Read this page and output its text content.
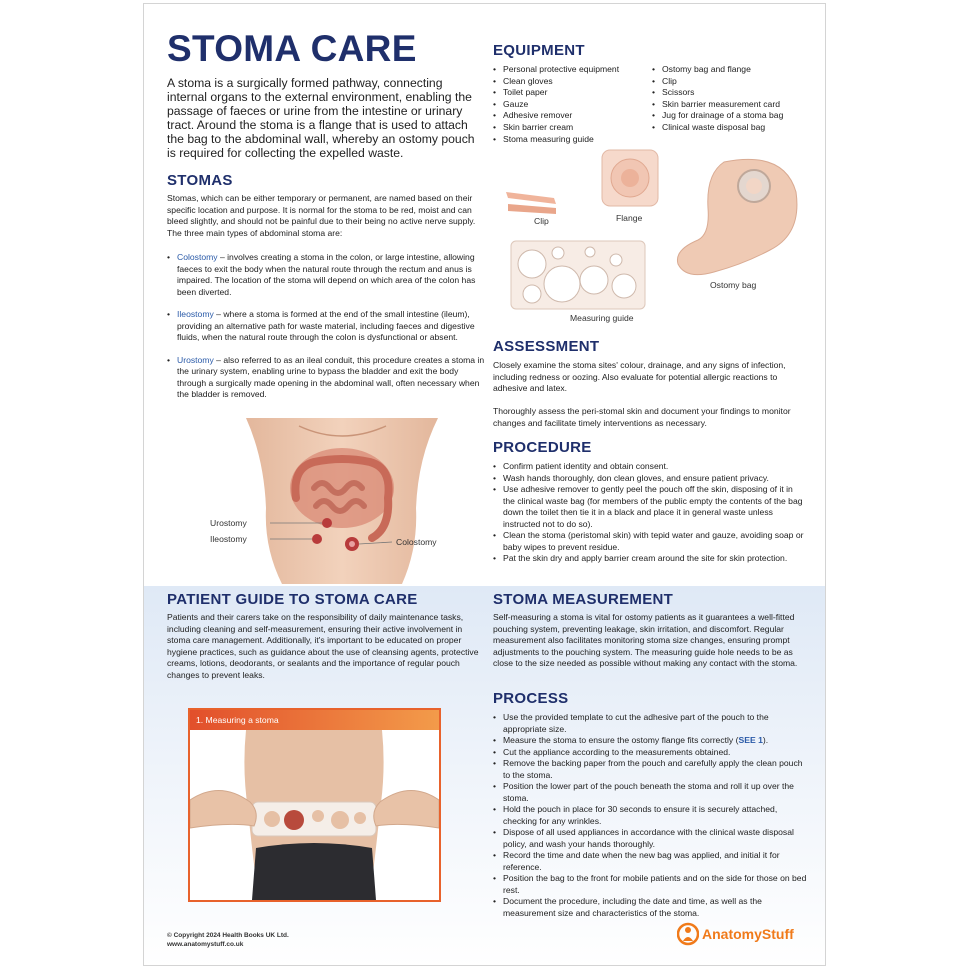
STOMA CARE
A stoma is a surgically formed pathway, connecting internal organs to the external environment, enabling the passage of faeces or urine from the intestine or urinary tract. Around the stoma is a flange that is used to attach the bag to the abdominal wall, whereby an ostomy pouch is required for collecting the expelled waste.
STOMAS
Stomas, which can be either temporary or permanent, are named based on their specific location and purpose. It is normal for the stoma to be red, moist and can bleed slightly, and should not be painful due to their being no active nerve supply. The three main types of abdominal stoma are:
• Colostomy – involves creating a stoma in the colon, or large intestine, allowing faeces to exit the body when the natural route through the rectum and anus is impaired. The location of the stoma will depend on which area of the colon has been diverted.
• Ileostomy – where a stoma is formed at the end of the small intestine (ileum), providing an alternative path for waste material, including faeces and digestive fluids, when the natural route through the colon is dysfunctional or absent.
• Urostomy – also referred to as an ileal conduit, this procedure creates a stoma in the urinary system, enabling urine to bypass the bladder and exit the body through a surgically made opening in the abdominal wall, often necessary when the bladder is removed.
Urostomy
Ileostomy	Colostomy
EQUIPMENT
• Personal protective equipment
• Clean gloves
• Toilet paper
• Gauze
• Adhesive remover
• Skin barrier cream
• Stoma measuring guide
• Ostomy bag and flange
• Clip
• Scissors
• Skin barrier measurement card
• Jug for drainage of a stoma bag
• Clinical waste disposal bag
Clip	Flange
Ostomy bag
Measuring guide
ASSESSMENT
Closely examine the stoma sites' colour, drainage, and any signs of infection, including redness or oozing. Also evaluate for potential allergic reactions to adhesive and latex.
Thoroughly assess the peri-stomal skin and document your findings to monitor changes and facilitate timely interventions as necessary.
PROCEDURE
• Confirm patient identity and obtain consent.
• Wash hands thoroughly, don clean gloves, and ensure patient privacy.
• Use adhesive remover to gently peel the pouch off the skin, disposing of it in the clinical waste bag (for members of the public empty the contents of the bag down the toilet then tie it in a black and place it in general waste unless instructed not to do so).
• Clean the stoma (peristomal skin) with tepid water and gauze, avoiding soap or baby wipes to prevent residue.
• Pat the skin dry and apply barrier cream around the site for skin protection.
PATIENT GUIDE TO STOMA CARE
Patients and their carers take on the responsibility of daily maintenance tasks, including cleaning and self-measurement, ensuring their active involvement in stoma care management. Additionally, it's important to be educated on proper hygiene practices, such as guidance about the use of cleansing agents, protective creams, lotions, deodorants, or sealants and the importance of regular pouch changes to prevent leaks.
1. Measuring a stoma
STOMA MEASUREMENT
Self-measuring a stoma is vital for ostomy patients as it guarantees a well-fitted pouching system, preventing leakage, skin irritation, and discomfort. Regular measurement also facilitates monitoring stoma size changes, ensuring prompt adjustments to the pouching system. The measuring guide hole needs to be as close to the size needed as possible without making any contact with the stoma.
PROCESS
• Use the provided template to cut the adhesive part of the pouch to the appropriate size.
• Measure the stoma to ensure the ostomy flange fits correctly (SEE 1).
• Cut the appliance according to the measurements obtained.
• Remove the backing paper from the pouch and carefully apply the clean pouch to the stoma.
• Position the lower part of the pouch beneath the stoma and roll it up over the stoma.
• Hold the pouch in place for 30 seconds to ensure it is securely attached, checking for any wrinkles.
• Dispose of all used appliances in accordance with the clinical waste disposal policy, and wash your hands thoroughly.
• Record the time and date when the new bag was applied, and initial it for reference.
• Position the bag to the front for mobile patients and on the side for those on bed rest.
• Document the procedure, including the date and time, as well as the measurement size and characteristics of the stoma.
© Copyright 2024 Health Books UK Ltd.
www.anatomystuff.co.uk
AnatomyStuff
